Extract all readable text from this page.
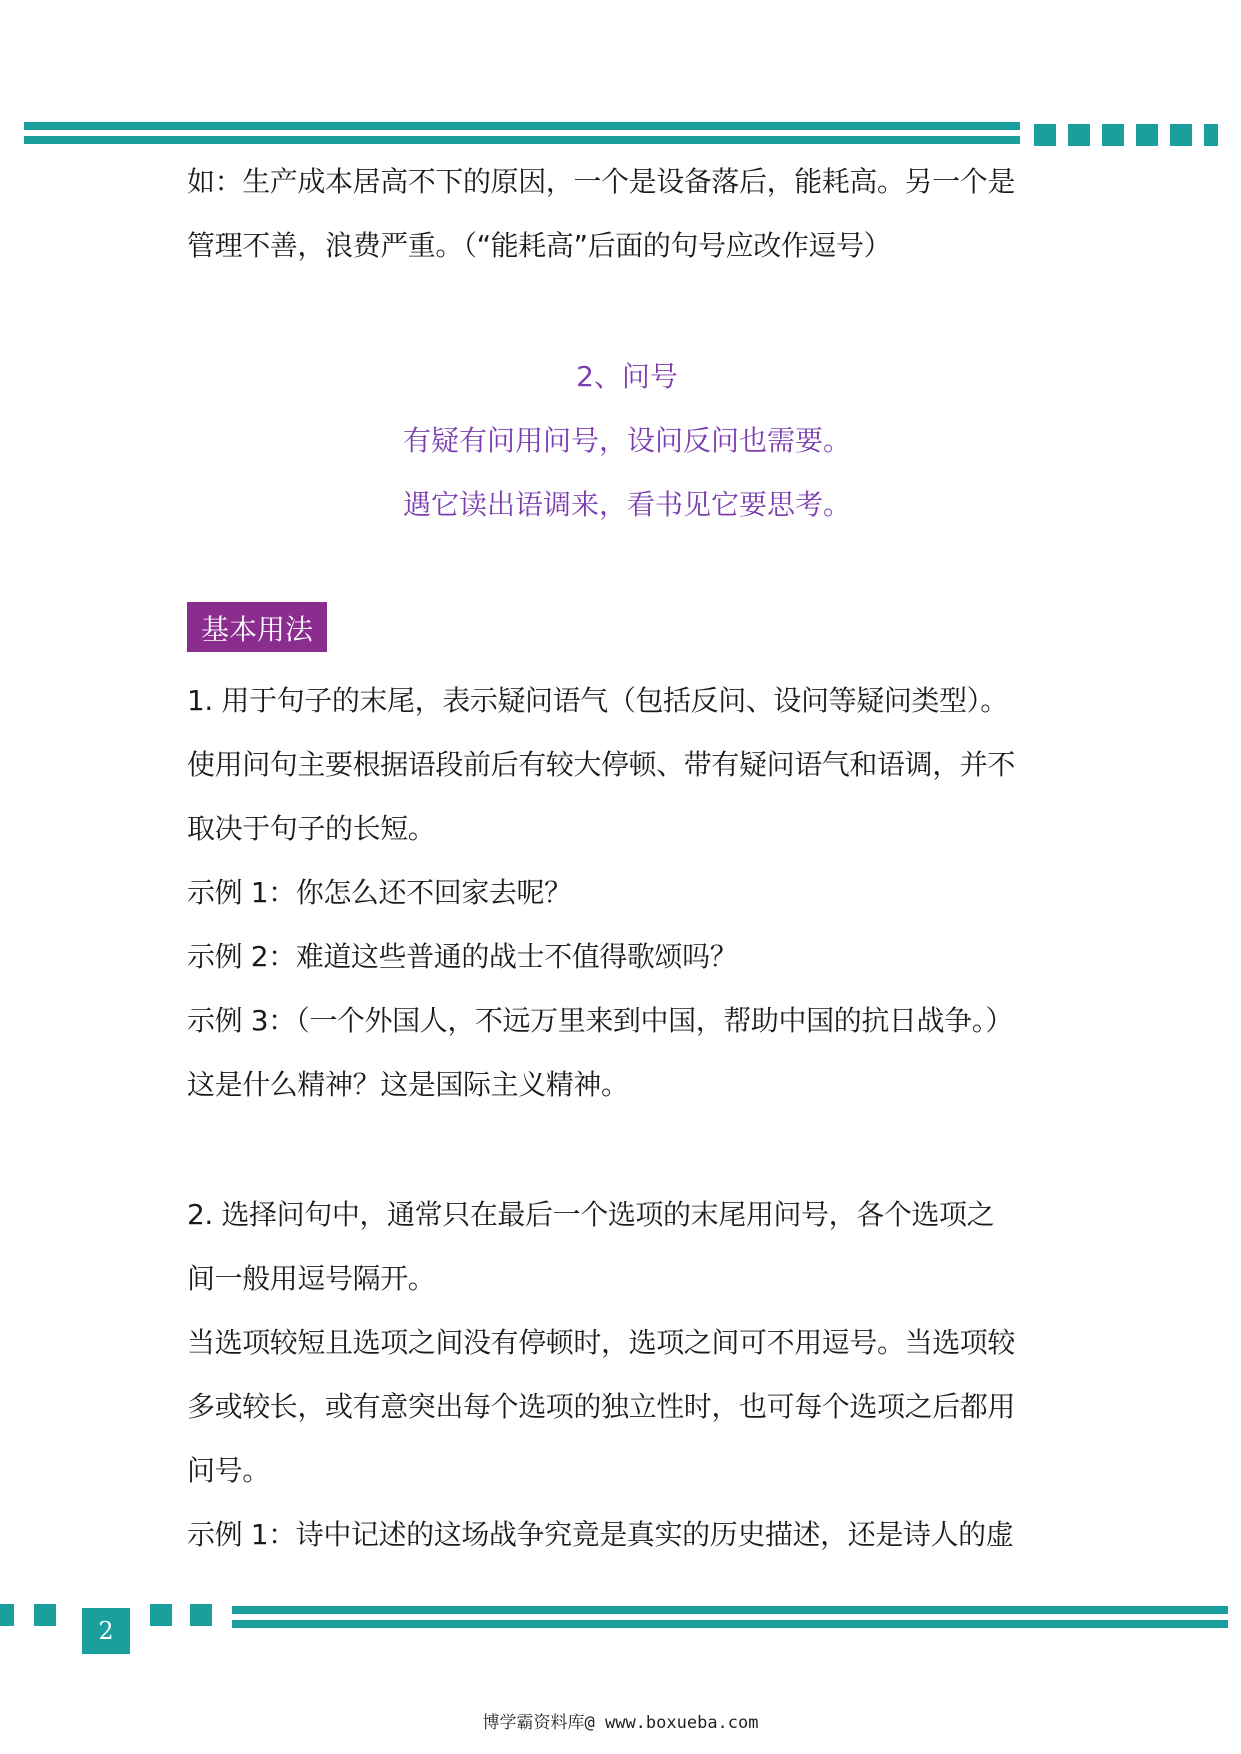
如：生产成本居高不下的原因，一个是设备落后，能耗高。另一个是
管理不善，浪费严重。（“能耗高”后面的句号应改作逗号）
2、问号
有疑有问用问号，设问反问也需要。
遇它读出语调来，看书见它要思考。
1. 用于句子的末尾，表示疑问语气（包括反问、设问等疑问类型）。
使用问句主要根据语段前后有较大停顿、带有疑问语气和语调，并不
取决于句子的长短。
示例 1：你怎么还不回家去呢？
示例 2：难道这些普通的战士不值得歌颂吗？
示例 3：（一个外国人，不远万里来到中国，帮助中国的抗日战争。）
这是什么精神？这是国际主义精神。
2. 选择问句中，通常只在最后一个选项的末尾用问号，各个选项之
间一般用逗号隔开。
当选项较短且选项之间没有停顿时，选项之间可不用逗号。当选项较
多或较长，或有意突出每个选项的独立性时，也可每个选项之后都用
问号。
示例 1：诗中记述的这场战争究竟是真实的历史描述，还是诗人的虚
基本用法
2
博学霸资料库@ www.boxueba.com
